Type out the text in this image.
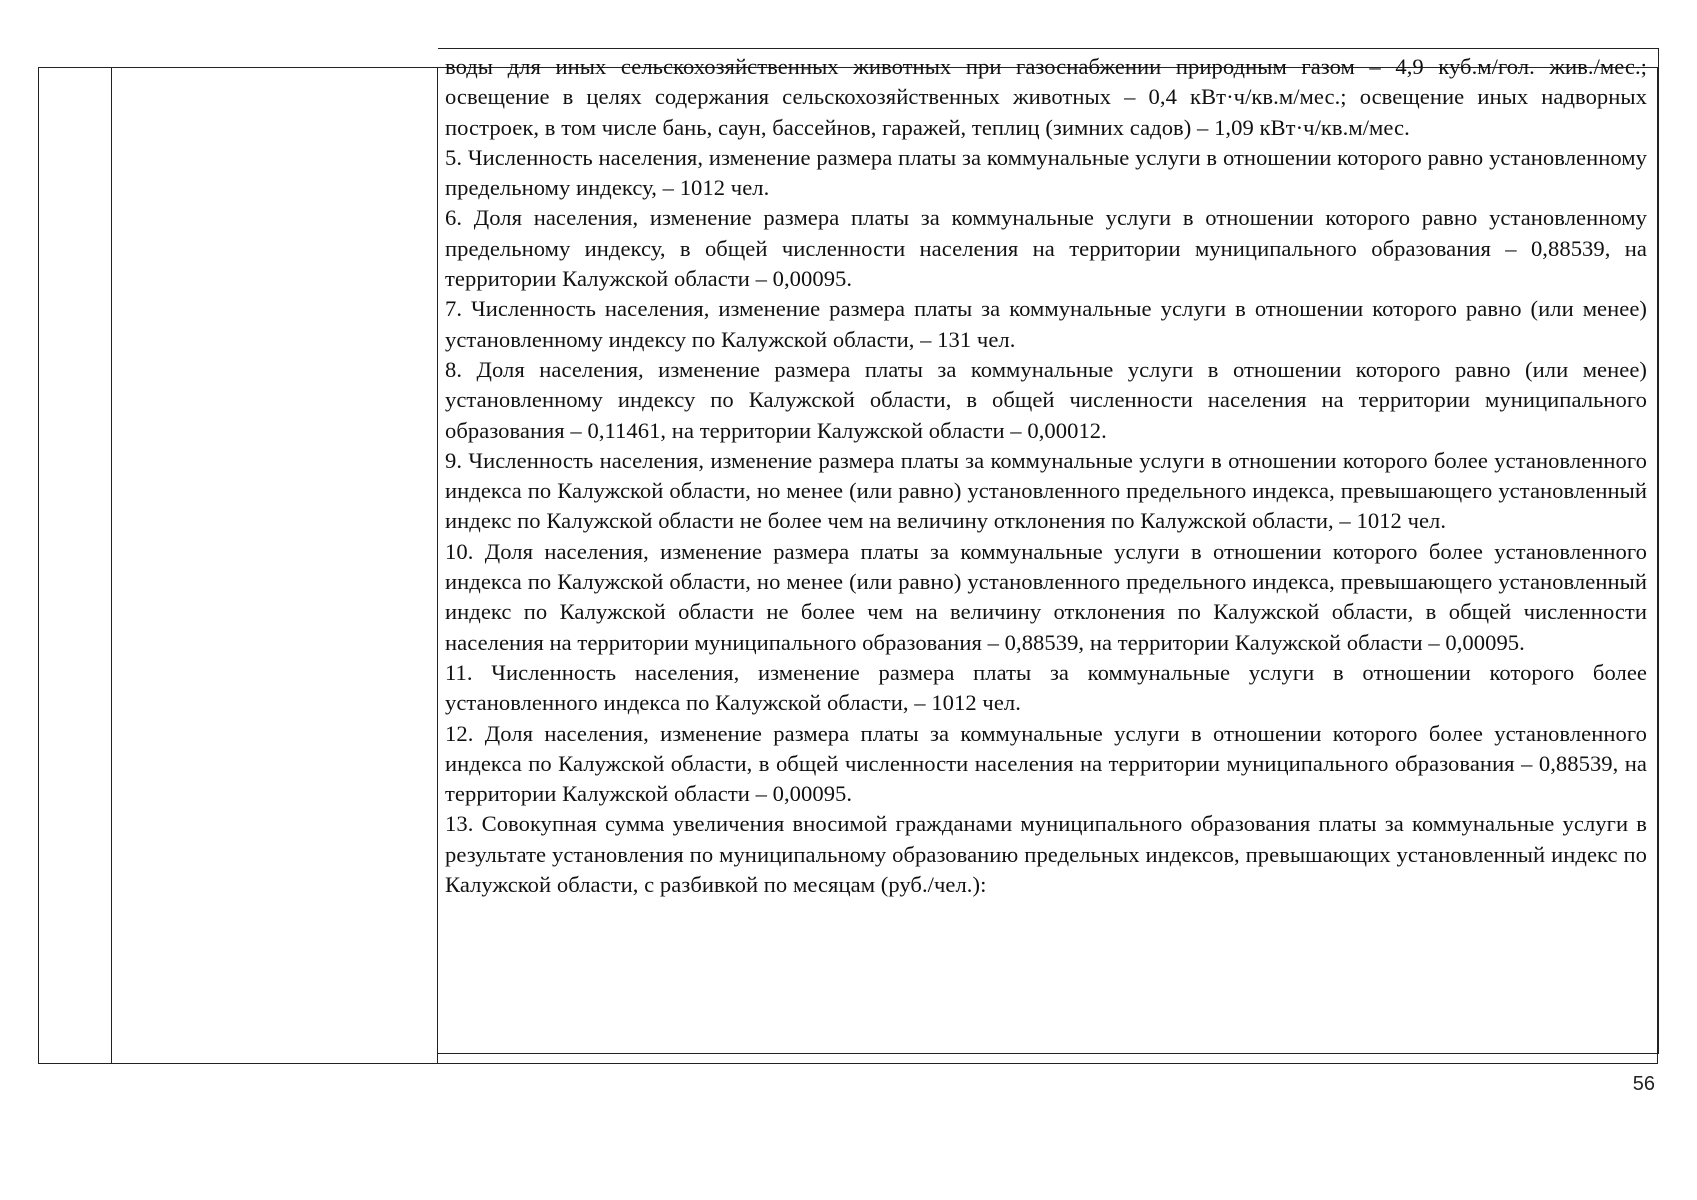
воды для иных сельскохозяйственных животных при газоснабжении природным газом – 4,9 куб.м/гол. жив./мес.; освещение в целях содержания сельскохозяйственных животных – 0,4 кВт·ч/кв.м/мес.; освещение иных надворных построек, в том числе бань, саун, бассейнов, гаражей, теплиц (зимних садов) – 1,09 кВт·ч/кв.м/мес.

5. Численность населения, изменение размера платы за коммунальные услуги в отношении которого равно установленному предельному индексу, – 1012 чел.

6. Доля населения, изменение размера платы за коммунальные услуги в отношении которого равно установленному предельному индексу, в общей численности населения на территории муниципального образования – 0,88539, на территории Калужской области – 0,00095.

7. Численность населения, изменение размера платы за коммунальные услуги в отношении которого равно (или менее) установленному индексу по Калужской области, – 131 чел.

8. Доля населения, изменение размера платы за коммунальные услуги в отношении которого равно (или менее) установленному индексу по Калужской области, в общей численности населения на территории муниципального образования – 0,11461, на территории Калужской области – 0,00012.

9. Численность населения, изменение размера платы за коммунальные услуги в отношении которого более установленного индекса по Калужской области, но менее (или равно) установленного предельного индекса, превышающего установленный индекс по Калужской области не более чем на величину отклонения по Калужской области, – 1012 чел.

10. Доля населения, изменение размера платы за коммунальные услуги в отношении которого более установленного индекса по Калужской области, но менее (или равно) установленного предельного индекса, превышающего установленный индекс по Калужской области не более чем на величину отклонения по Калужской области, в общей численности населения на территории муниципального образования – 0,88539, на территории Калужской области – 0,00095.

11. Численность населения, изменение размера платы за коммунальные услуги в отношении которого более установленного индекса по Калужской области, – 1012 чел.

12. Доля населения, изменение размера платы за коммунальные услуги в отношении которого более установленного индекса по Калужской области, в общей численности населения на территории муниципального образования – 0,88539, на территории Калужской области – 0,00095.

13. Совокупная сумма увеличения вносимой гражданами муниципального образования платы за коммунальные услуги в результате установления по муниципальному образованию предельных индексов, превышающих установленный индекс по Калужской области, с разбивкой по месяцам (руб./чел.):

56
